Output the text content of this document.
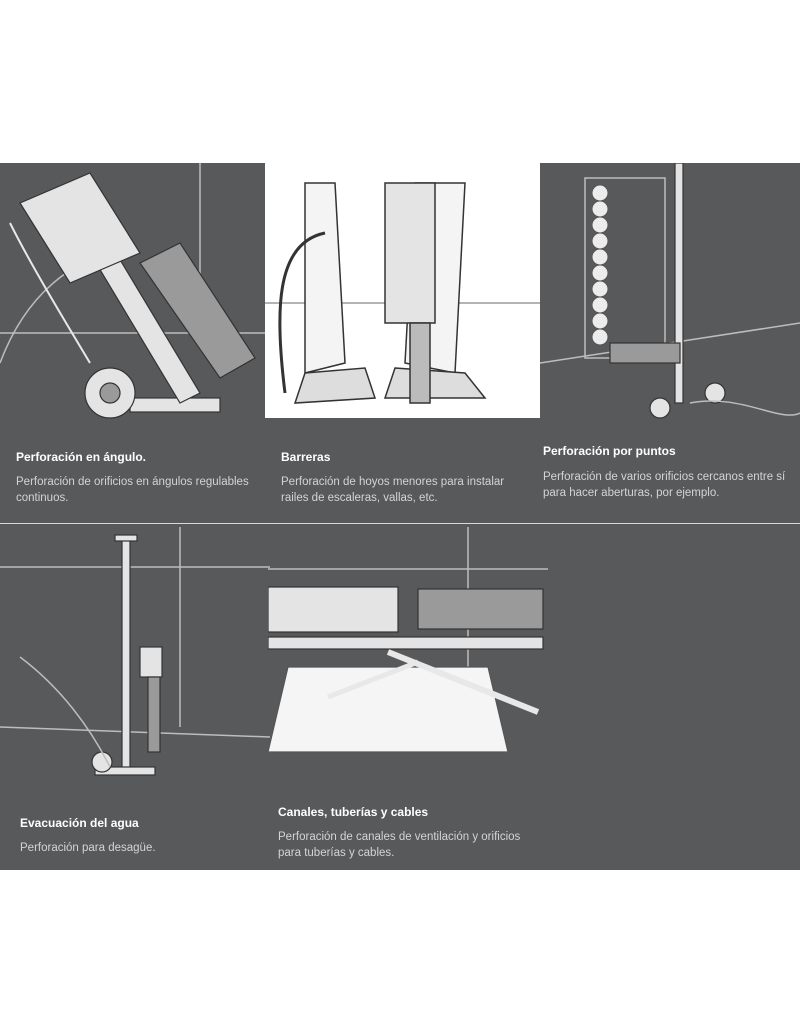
Perforación en ángulo.
Perforación de orificios en ángulos regulables
continuos.
Barreras
Perforación de hoyos menores para instalar
railes de escaleras, vallas, etc.
Perforación por puntos
Perforación de varios orificios cercanos entre sí
para hacer aberturas, por ejemplo.
Evacuación del agua
Perforación para desagüe.
Canales, tuberías y cables
Perforación de canales de ventilación y orificios
para tuberías y cables.
